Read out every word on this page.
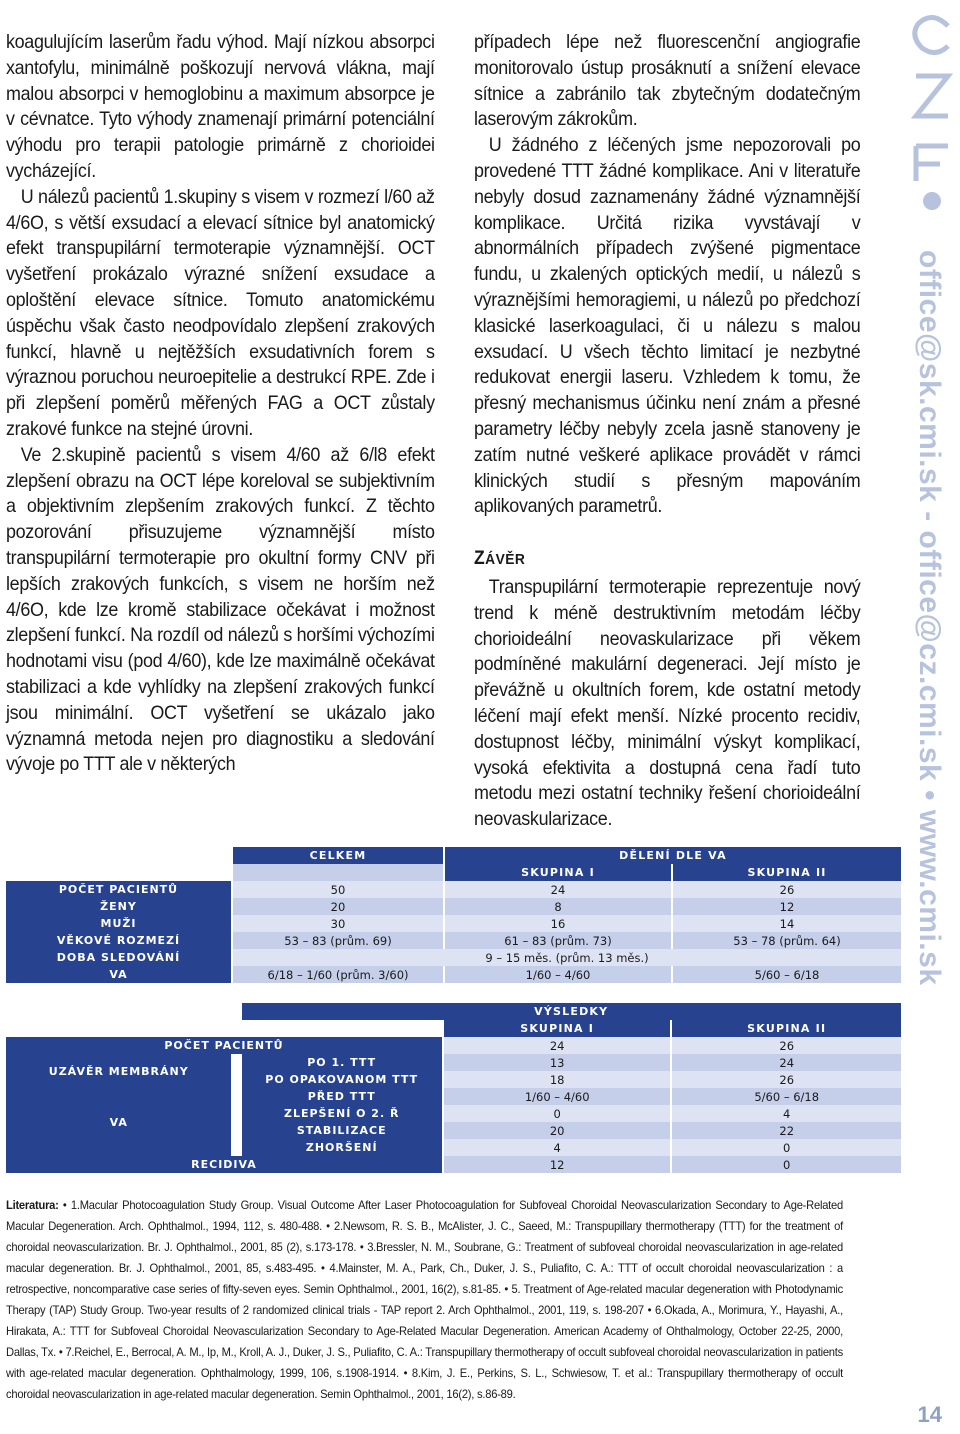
koagulujícím laserům řadu výhod. Mají nízkou absorpci xantofylu, minimálně poškozují nervová vlákna, mají malou absorpci v hemoglobinu a maximum absorpce je v cévnatce. Tyto výhody znamenají primární potenciální výhodu pro terapii patologie primárně z chorioidei vycházející.

U nálezů pacientů 1.skupiny s visem v rozmezí l/60 až 4/6O, s větší exsudací a elevací sítnice byl anatomický efekt transpupilární termoterapie významnější. OCT vyšetření prokázalo výrazné snížení exsudace a oploštění elevace sítnice. Tomuto anatomickému úspěchu však často neodpovídalo zlepšení zrakových funkcí, hlavně u nejtěžších exsudativních forem s výraznou poruchou neuroepitelie a destrukcí RPE. Zde i při zlepšení poměrů měřených FAG a OCT zůstaly zrakové funkce na stejné úrovni.

Ve 2.skupině pacientů s visem 4/60 až 6/l8 efekt zlepšení obrazu na OCT lépe koreloval se subjektivním a objektivním zlepšením zrakových funkcí. Z těchto pozorování přisuzujeme významnější místo transpupilární termoterapie pro okultní formy CNV při lepších zrakových funkcích, s visem ne horším než 4/6O, kde lze kromě stabilizace očekávat i možnost zlepšení funkcí. Na rozdíl od nálezů s horšími výchozími hodnotami visu (pod 4/60), kde lze maximálně očekávat stabilizaci a kde vyhlídky na zlepšení zrakových funkcí jsou minimální. OCT vyšetření se ukázalo jako významná metoda nejen pro diagnostiku a sledování vývoje po TTT ale v některých

případech lépe než fluorescenční angiografie monitorovalo ústup prosáknutí a snížení elevace sítnice a zabránilo tak zbytečným dodatečným laserovým zákrokům.

U žádného z léčených jsme nepozorovali po provedené TTT žádné komplikace. Ani v literatuře nebyly dosud zaznamenány žádné významnější komplikace. Určitá rizika vyvstávají v abnormálních případech zvýšené pigmentace fundu, u zkalených optických medií, u nálezů s výraznějšími hemoragiemi, u nálezů po předchozí klasické laserkoagulaci, či u nálezu s malou exsudací. U všech těchto limitací je nezbytné redukovat energii laseru. Vzhledem k tomu, že přesný mechanismus účinku není znám a přesné parametry léčby nebyly zcela jasně stanoveny je zatím nutné veškeré aplikace provádět v rámci klinických studií s přesným mapováním aplikovaných parametrů.

ZÁVĚR

Transpupilární termoterapie reprezentuje nový trend k méně destruktivním metodám léčby chorioideální neovaskularizace při věkem podmíněné makulární degeneraci. Její místo je převážně u okultních forem, kde ostatní metody léčení mají efekt menší. Nízké procento recidiv, dostupnost léčby, minimální výskyt komplikací, vysoká efektivita a dostupná cena řadí tuto metodu mezi ostatní techniky řešení chorioideální neovaskularizace.	office@sk.cmi.sk - office@cz.cmi.sk • www.cmi.sk
		CELKEM		DĚLENÍ DLE VA		
				SKUPINA I		SKUPINA II
POČET PACIENTŮ		50		24		26
ŽENY		20		8		12
MUŽI		30		16		14
VĚKOVÉ ROZMEZÍ		53 – 83 (prům. 69)		61 – 83 (prům. 73)		53 – 78 (prům. 64)
DOBA SLEDOVÁNÍ		9 – 15 měs. (prům. 13 měs.)				
VA		6/18 – 1/60 (prům. 3/60)		1/60 – 4/60		5/60 – 6/18
		VÝSLEDKY				
				SKUPINA I		SKUPINA II
POČET PACIENTŮ				24		26
UZÁVĚR MEMBRÁNY		PO 1. TTT		13		24
		PO OPAKOVANOM TTT		18		26
VA		PŘED TTT		1/60 – 4/60		5/60 – 6/18
		ZLEPŠENÍ O 2. Ř		0		4
		STABILIZACE		20		22
		ZHORŠENÍ		4		0
RECIDIVA				12		0
Literatura: • 1.Macular Photocoagulation Study Group. Visual Outcome After Laser Photocoagulation for Subfoveal Choroidal Neovascularization Secondary to Age-Related Macular Degeneration. Arch. Ophthalmol., 1994, 112, s. 480-488. • 2.Newsom, R. S. B., McAlister, J. C., Saeed, M.: Transpupillary thermotherapy (TTT) for the treatment of choroidal neovascularization. Br. J. Ophthalmol., 2001, 85 (2), s.173-178. • 3.Bressler, N. M., Soubrane, G.: Treatment of subfoveal choroidal neovascularization in age-related macular degeneration. Br. J. Ophthalmol., 2001, 85, s.483-495. • 4.Mainster, M. A., Park, Ch., Duker, J. S., Puliafito, C. A.: TTT of occult choroidal neovascularization : a retrospective, noncomparative case series of fifty-seven eyes. Semin Ophthalmol., 2001, 16(2), s.81-85. • 5. Treatment of Age-related macular degeneration with Photodynamic Therapy (TAP) Study Group. Two-year results of 2 randomized clinical trials - TAP report 2. Arch Ophthalmol., 2001, 119, s. 198-207 • 6.Okada, A., Morimura, Y., Hayashi, A., Hirakata, A.: TTT for Subfoveal Choroidal Neovascularization Secondary to Age-Related Macular Degeneration. American Academy of Ohthalmology, October 22-25, 2000, Dallas, Tx. • 7.Reichel, E., Berrocal, A. M., Ip, M., Kroll, A. J., Duker, J. S., Puliafito, C. A.: Transpupillary thermotherapy of occult subfoveal choroidal neovascularization in patients with age-related macular degeneration. Ophthalmology, 1999, 106, s.1908-1914. • 8.Kim, J. E., Perkins, S. L., Schwiesow, T. et al.: Transpupillary thermotherapy of occult choroidal neovascularization in age-related macular degeneration. Semin Ophthalmol., 2001, 16(2), s.86-89.
14
